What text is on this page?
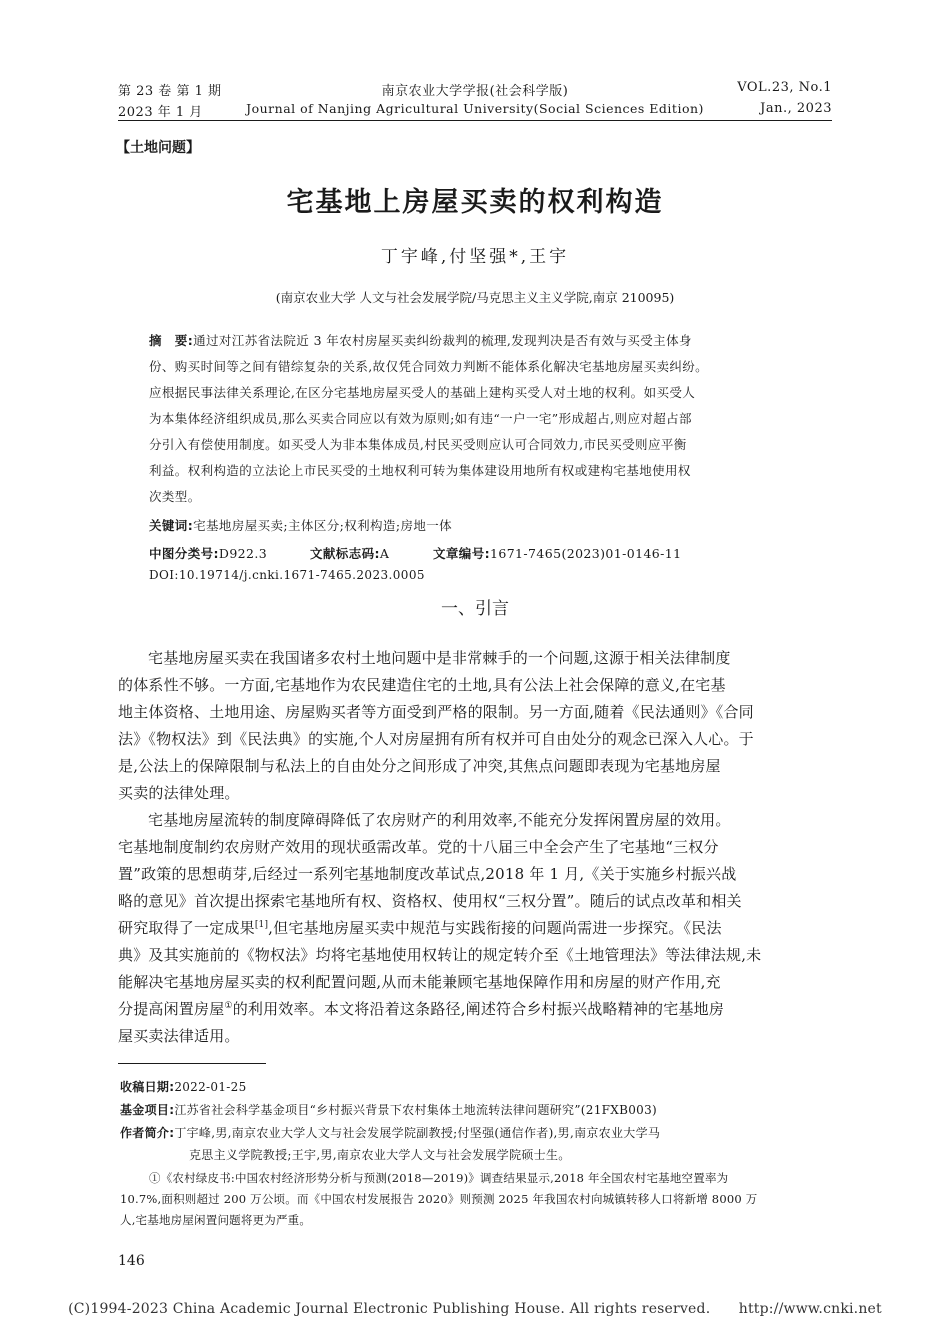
第 23 卷 第 1 期	南京农业大学学报(社会科学版)	VOL.23, No.1
2023 年 1 月	Journal of Nanjing Agricultural University(Social Sciences Edition)	Jan., 2023
【土地问题】
宅基地上房屋买卖的权利构造
丁宇峰,付坚强*,王宇
(南京农业大学 人文与社会发展学院/马克思主义主义学院,南京 210095)
摘　要:通过对江苏省法院近 3 年农村房屋买卖纠纷裁判的梳理,发现判决是否有效与买受主体身
份、购买时间等之间有错综复杂的关系,故仅凭合同效力判断不能体系化解决宅基地房屋买卖纠纷。
应根据民事法律关系理论,在区分宅基地房屋买受人的基础上建构买受人对土地的权利。如买受人
为本集体经济组织成员,那么买卖合同应以有效为原则;如有违“一户一宅”形成超占,则应对超占部
分引入有偿使用制度。如买受人为非本集体成员,村民买受则应认可合同效力,市民买受则应平衡
利益。权利构造的立法论上市民买受的土地权利可转为集体建设用地所有权或建构宅基地使用权
次类型。
关键词:宅基地房屋买卖;主体区分;权利构造;房地一体
中图分类号:D922.3	文献标志码:A	文章编号:1671-7465(2023)01-0146-11
DOI:10.19714/j.cnki.1671-7465.2023.0005
一、引言
宅基地房屋买卖在我国诸多农村土地问题中是非常棘手的一个问题,这源于相关法律制度
的体系性不够。一方面,宅基地作为农民建造住宅的土地,具有公法上社会保障的意义,在宅基
地主体资格、土地用途、房屋购买者等方面受到严格的限制。另一方面,随着《民法通则》《合同
法》《物权法》到《民法典》的实施,个人对房屋拥有所有权并可自由处分的观念已深入人心。于
是,公法上的保障限制与私法上的自由处分之间形成了冲突,其焦点问题即表现为宅基地房屋
买卖的法律处理。
宅基地房屋流转的制度障碍降低了农房财产的利用效率,不能充分发挥闲置房屋的效用。
宅基地制度制约农房财产效用的现状亟需改革。党的十八届三中全会产生了宅基地“三权分
置”政策的思想萌芽,后经过一系列宅基地制度改革试点,2018 年 1 月,《关于实施乡村振兴战
略的意见》首次提出探索宅基地所有权、资格权、使用权“三权分置”。随后的试点改革和相关
研究取得了一定成果[1],但宅基地房屋买卖中规范与实践衔接的问题尚需进一步探究。《民法
典》及其实施前的《物权法》均将宅基地使用权转让的规定转介至《土地管理法》等法律法规,未
能解决宅基地房屋买卖的权利配置问题,从而未能兼顾宅基地保障作用和房屋的财产作用,充
分提高闲置房屋①的利用效率。本文将沿着这条路径,阐述符合乡村振兴战略精神的宅基地房
屋买卖法律适用。
收稿日期:2022-01-25
基金项目:江苏省社会科学基金项目“乡村振兴背景下农村集体土地流转法律问题研究”(21FXB003)
作者简介:丁宇峰,男,南京农业大学人文与社会发展学院副教授;付坚强(通信作者),男,南京农业大学马
克思主义学院教授;王宇,男,南京农业大学人文与社会发展学院硕士生。
①《农村绿皮书:中国农村经济形势分析与预测(2018—2019)》调查结果显示,2018 年全国农村宅基地空置率为
10.7%,面积则超过 200 万公顷。而《中国农村发展报告 2020》则预测 2025 年我国农村向城镇转移人口将新增 8000 万
人,宅基地房屋闲置问题将更为严重。
146
(C)1994-2023 China Academic Journal Electronic Publishing House. All rights reserved.　　http://www.cnki.net
